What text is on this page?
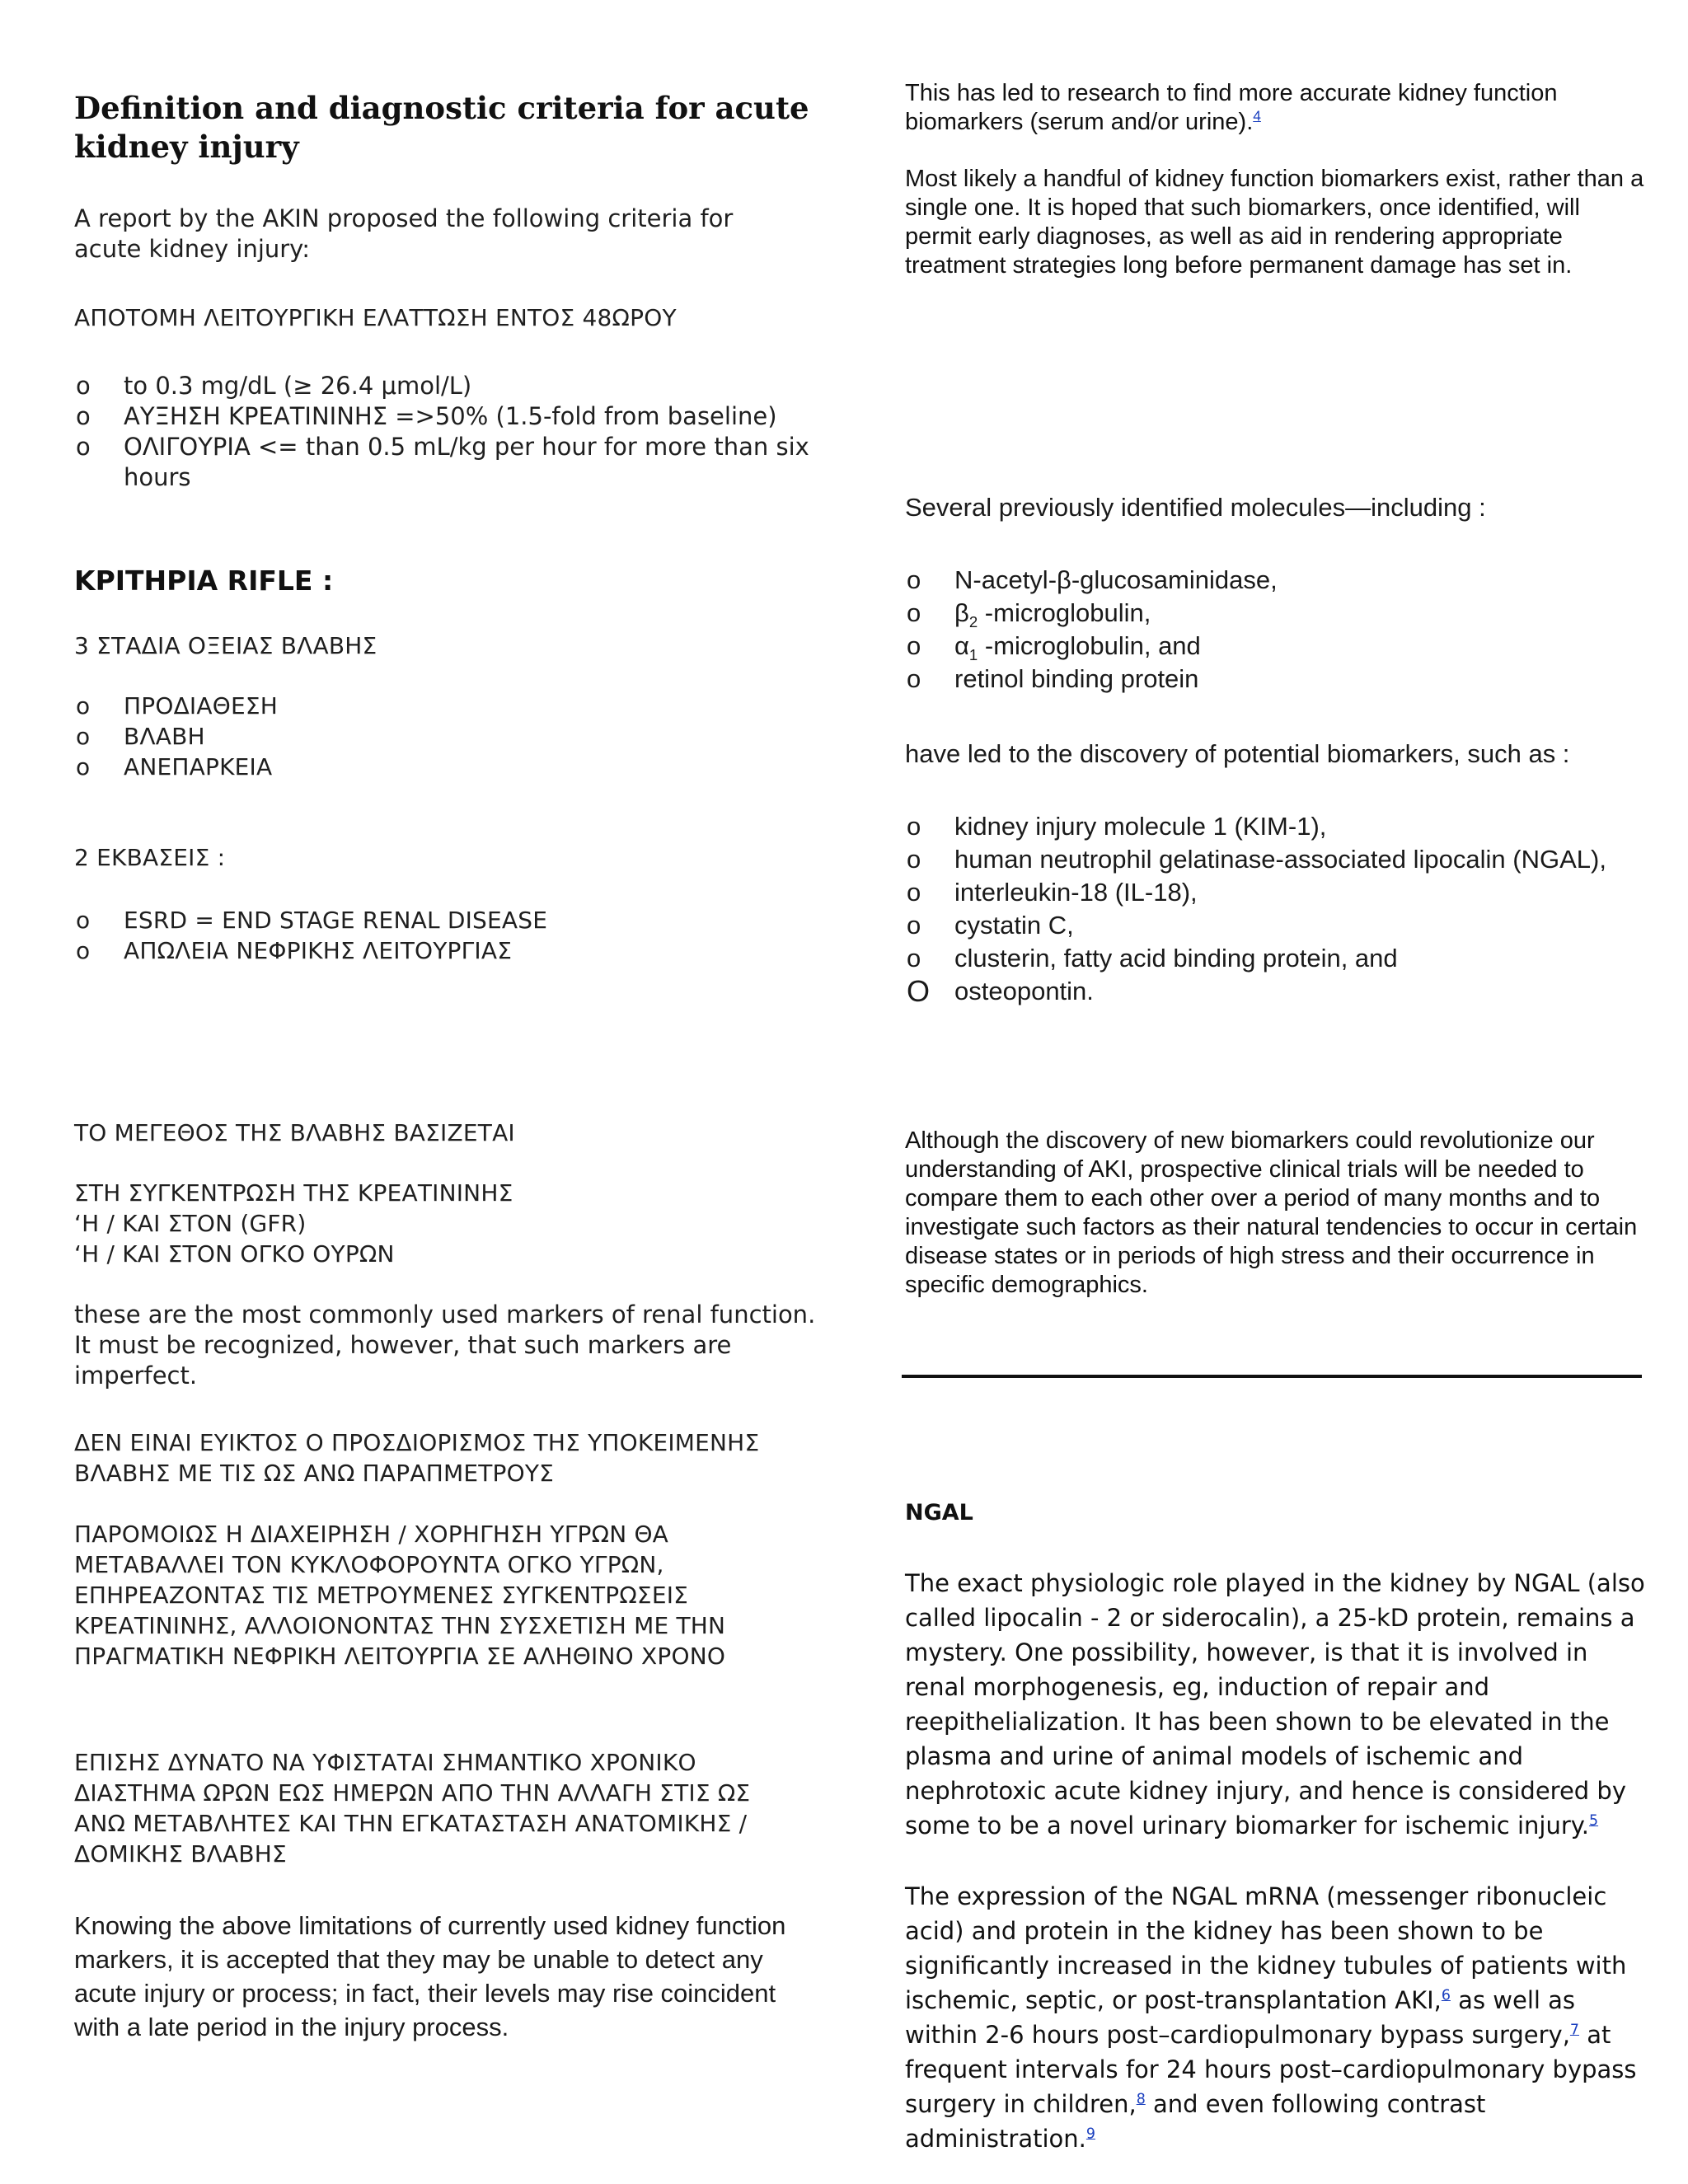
Definition and diagnostic criteria for acute kidney injury

A report by the AKIN proposed the following criteria for acute kidney injury:

ΑΠΟΤΟΜΗ ΛΕΙΤΟΥΡΓΙΚΗ ΕΛΑΤΤΩΣΗ ΕΝΤΟΣ 48ΩΡΟΥ

o to 0.3 mg/dL (≥ 26.4 μmol/L)
o ΑΥΞΗΣΗ ΚΡΕΑΤΙΝΙΝΗΣ =>50% (1.5-fold from baseline)
o ΟΛΙΓΟΥΡΙΑ <= than 0.5 mL/kg per hour for more than six hours
ΚΡΙΤΗΡΙΑ RIFLE :

3 ΣΤΑΔΙΑ ΟΞΕΙΑΣ ΒΛΑΒΗΣ

o ΠΡΟΔΙΑΘΕΣΗ
o ΒΛΑΒΗ
o ΑΝΕΠΑΡΚΕΙΑ

2 ΕΚΒΑΣΕΙΣ :

o ESRD = END STAGE RENAL DISEASE
o ΑΠΩΛΕΙΑ ΝΕΦΡΙΚΗΣ ΛΕΙΤΟΥΡΓΙΑΣ

ΤΟ ΜΕΓΕΘΟΣ ΤΗΣ ΒΛΑΒΗΣ ΒΑΣΙΖΕΤΑΙ

ΣΤΗ ΣΥΓΚΕΝΤΡΩΣΗ ΤΗΣ ΚΡΕΑΤΙΝΙΝΗΣ
‘Η / ΚΑΙ ΣΤΟΝ (GFR)
‘Η / ΚΑΙ ΣΤΟΝ ΟΓΚΟ ΟΥΡΩΝ

these are the most commonly used markers of renal function. It must be recognized, however, that such markers are imperfect.

ΔΕΝ ΕΙΝΑΙ ΕΥΙΚΤΟΣ Ο ΠΡΟΣΔΙΟΡΙΣΜΟΣ ΤΗΣ ΥΠΟΚΕΙΜΕΝΗΣ ΒΛΑΒΗΣ ΜΕ ΤΙΣ ΩΣ ΑΝΩ ΠΑΡΑΠΜΕΤΡΟΥΣ

ΠΑΡΟΜΟΙΩΣ Η ΔΙΑΧΕΙΡΗΣΗ / ΧΟΡΗΓΗΣΗ ΥΓΡΩΝ ΘΑ ΜΕΤΑΒΑΛΛΕΙ ΤΟΝ ΚΥΚΛΟΦΟΡΟΥΝΤΑ ΟΓΚΟ ΥΓΡΩΝ, ΕΠΗΡΕΑΖΟΝΤΑΣ ΤΙΣ ΜΕΤΡΟΥΜΕΝΕΣ ΣΥΓΚΕΝΤΡΩΣΕΙΣ ΚΡΕΑΤΙΝΙΝΗΣ, ΑΛΛΟΙΟΝΟΝΤΑΣ ΤΗΝ ΣΥΣΧΕΤΙΣΗ ΜΕ ΤΗΝ ΠΡΑΓΜΑΤΙΚΗ ΝΕΦΡΙΚΗ ΛΕΙΤΟΥΡΓΙΑ ΣΕ ΑΛΗΘΙΝΟ ΧΡΟΝΟ

ΕΠΙΣΗΣ ΔΥΝΑΤΟ ΝΑ ΥΦΙΣΤΑΤΑΙ ΣΗΜΑΝΤΙΚΟ ΧΡΟΝΙΚΟ ΔΙΑΣΤΗΜΑ ΩΡΩΝ ΕΩΣ ΗΜΕΡΩΝ ΑΠΟ ΤΗΝ ΑΛΛΑΓΗ ΣΤΙΣ ΩΣ ΑΝΩ ΜΕΤΑΒΛΗΤΕΣ ΚΑΙ ΤΗΝ ΕΓΚΑΤΑΣΤΑΣΗ ΑΝΑΤΟΜΙΚΗΣ / ΔΟΜΙΚΗΣ ΒΛΑΒΗΣ

Knowing the above limitations of currently used kidney function markers, it is accepted that they may be unable to detect any acute injury or process; in fact, their levels may rise coincident with a late period in the injury process.

This has led to research to find more accurate kidney function biomarkers (serum and/or urine).$^4$

Most likely a handful of kidney function biomarkers exist, rather than a single one. It is hoped that such biomarkers, once identified, will permit early diagnoses, as well as aid in rendering appropriate treatment strategies long before permanent damage has set in.

Several previously identified molecules—including :

o N-acetyl-β-glucosaminidase,
o $\beta_2$ -microglobulin,
o $\alpha_1$ -microglobulin, and
o retinol binding protein

have led to the discovery of potential biomarkers, such as :

o kidney injury molecule 1 (KIM-1),
o human neutrophil gelatinase-associated lipocalin (NGAL),
o interleukin-18 (IL-18),
o cystatin C,
o clusterin, fatty acid binding protein, and
O osteopontin.

Although the discovery of new biomarkers could revolutionize our understanding of AKI, prospective clinical trials will be needed to compare them to each other over a period of many months and to investigate such factors as their natural tendencies to occur in certain disease states or in periods of high stress and their occurrence in specific demographics.

NGAL

The exact physiologic role played in the kidney by NGAL (also called lipocalin - 2 or siderocalin), a 25-kD protein, remains a mystery. One possibility, however, is that it is involved in renal morphogenesis, eg, induction of repair and reepithelialization. It has been shown to be elevated in the plasma and urine of animal models of ischemic and nephrotoxic acute kidney injury, and hence is considered by some to be a novel urinary biomarker for ischemic injury.$^5$

The expression of the NGAL mRNA (messenger ribonucleic acid) and protein in the kidney has been shown to be significantly increased in the kidney tubules of patients with ischemic, septic, or post-transplantation AKI,$^6$ as well as within 2-6 hours post–cardiopulmonary bypass surgery,$^7$ at frequent intervals for 24 hours post–cardiopulmonary bypass surgery in children,$^8$ and even following contrast administration.$^9$
